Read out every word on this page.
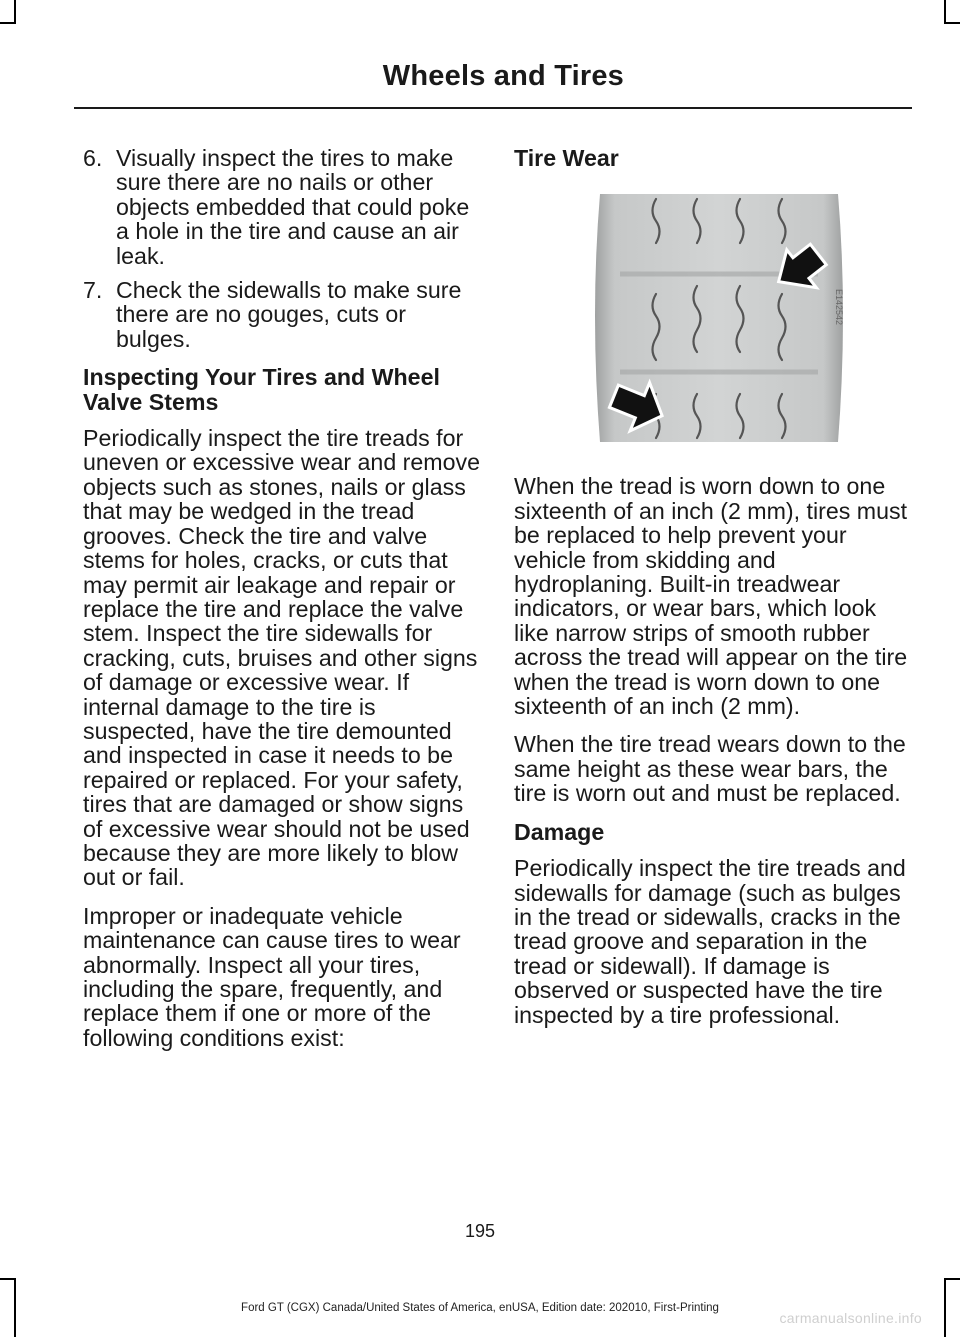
Wheels and Tires
6. Visually inspect the tires to make sure there are no nails or other objects embedded that could poke a hole in the tire and cause an air leak.
7. Check the sidewalls to make sure there are no gouges, cuts or bulges.
Inspecting Your Tires and Wheel Valve Stems

Periodically inspect the tire treads for uneven or excessive wear and remove objects such as stones, nails or glass that may be wedged in the tread grooves. Check the tire and valve stems for holes, cracks, or cuts that may permit air leakage and repair or replace the tire and replace the valve stem. Inspect the tire sidewalls for cracking, cuts, bruises and other signs of damage or excessive wear. If internal damage to the tire is suspected, have the tire demounted and inspected in case it needs to be repaired or replaced. For your safety, tires that are damaged or show signs of excessive wear should not be used because they are more likely to blow out or fail.

Improper or inadequate vehicle maintenance can cause tires to wear abnormally. Inspect all your tires, including the spare, frequently, and replace them if one or more of the following conditions exist:

Tire Wear
E142542

When the tread is worn down to one sixteenth of an inch (2 mm), tires must be replaced to help prevent your vehicle from skidding and hydroplaning. Built-in treadwear indicators, or wear bars, which look like narrow strips of smooth rubber across the tread will appear on the tire when the tread is worn down to one sixteenth of an inch (2 mm).

When the tire tread wears down to the same height as these wear bars, the tire is worn out and must be replaced.

Damage

Periodically inspect the tire treads and sidewalls for damage (such as bulges in the tread or sidewalls, cracks in the tread groove and separation in the tread or sidewall). If damage is observed or suspected have the tire inspected by a tire professional.

195
Ford GT (CGX) Canada/United States of America, enUSA, Edition date: 202010, First-Printing
carmanualsonline.info
